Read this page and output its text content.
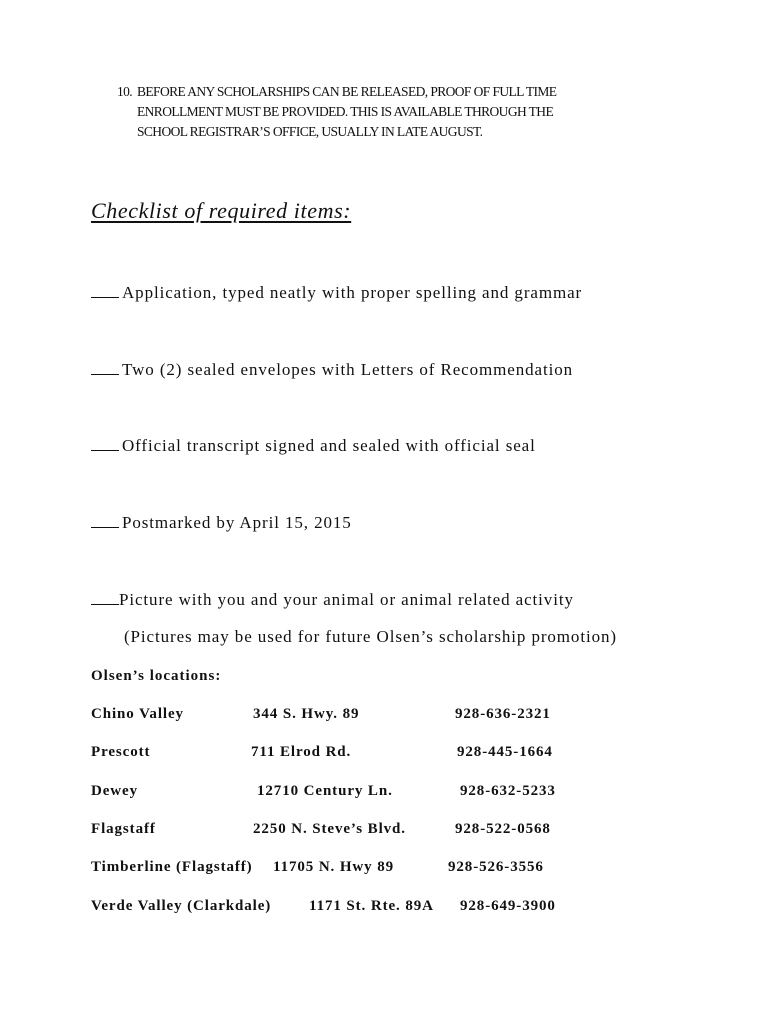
10. BEFORE ANY SCHOLARSHIPS CAN BE RELEASED, PROOF OF FULL TIME
ENROLLMENT MUST BE PROVIDED. THIS IS AVAILABLE THROUGH THE
SCHOOL REGISTRAR’S OFFICE, USUALLY IN LATE AUGUST.
Checklist of required items:
Application, typed neatly with proper spelling and grammar
Two (2) sealed envelopes with Letters of Recommendation
Official transcript signed and sealed with official seal
Postmarked by April 15, 2015
Picture with you and your animal or animal related activity
(Pictures may be used for future Olsen’s scholarship promotion)
Olsen’s locations:
Chino Valley	344 S. Hwy. 89	928-636-2321
Prescott	711 Elrod Rd.	928-445-1664
Dewey	12710 Century Ln.	928-632-5233
Flagstaff	2250 N. Steve’s Blvd.	928-522-0568
Timberline (Flagstaff) 11705 N. Hwy 89	928-526-3556
Verde Valley (Clarkdale)	1171 St. Rte. 89A 928-649-3900
